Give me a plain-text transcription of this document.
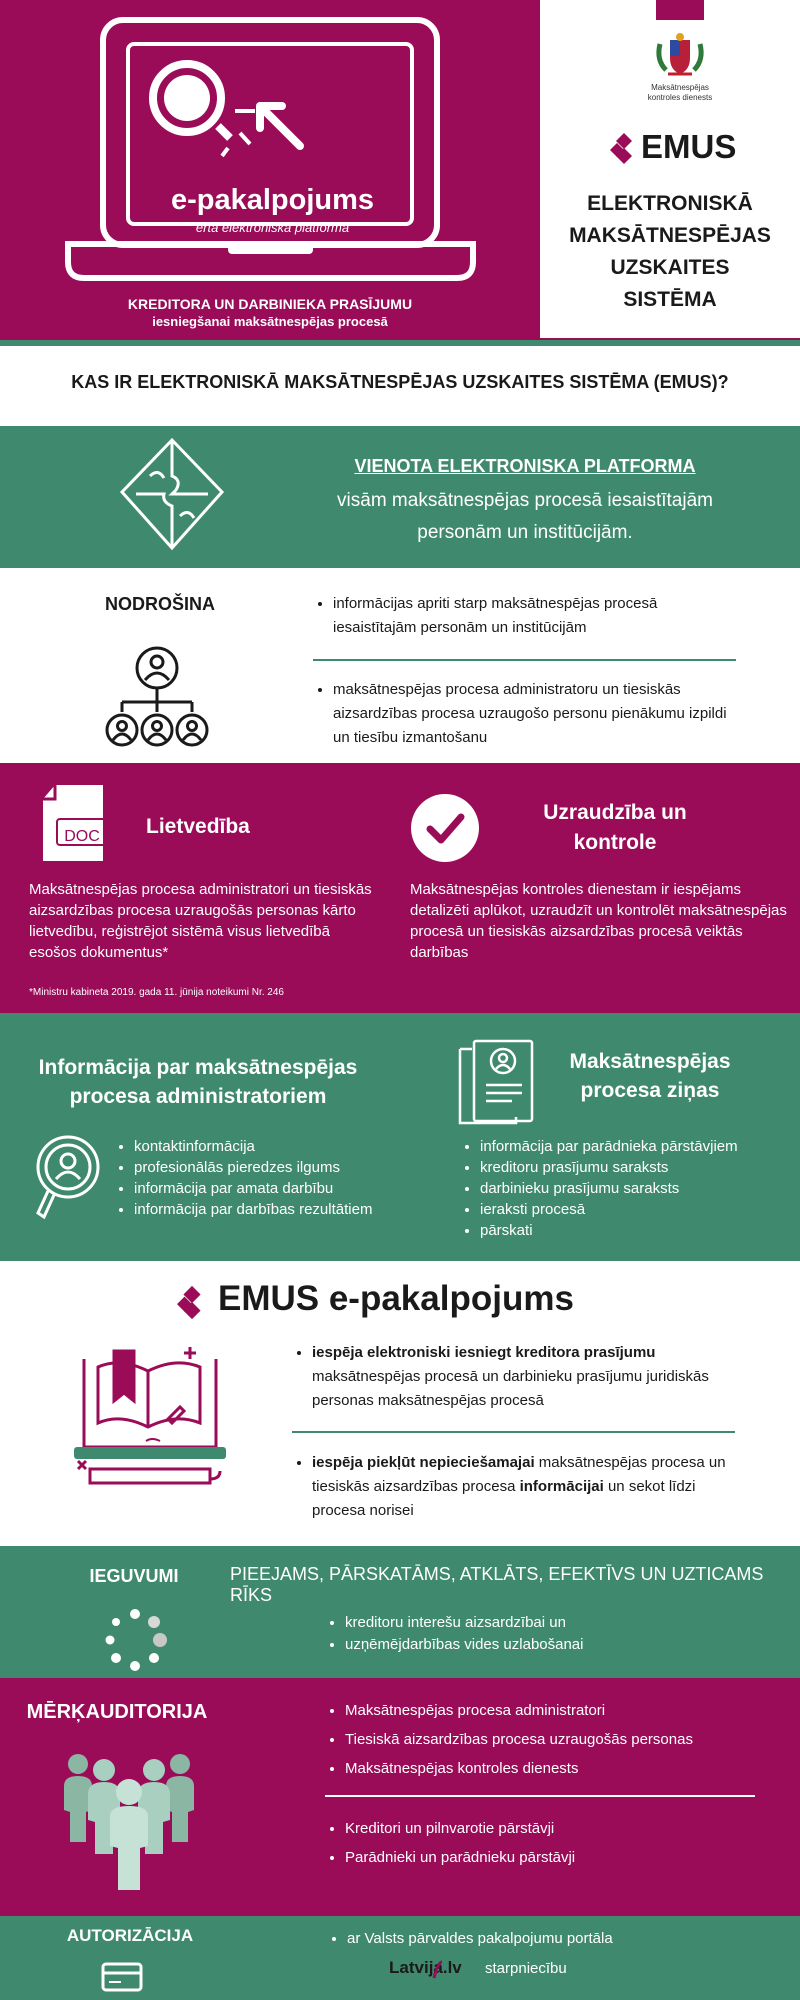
e-pakalpojums
ērta elektroniska platforma
KREDITORA UN DARBINIEKA PRASĪJUMU
iesniegšanai maksātnespējas procesā
Maksātnespējas
kontroles dienests
EMUS
ELEKTRONISKĀ
MAKSĀTNESPĒJAS
UZSKAITES
SISTĒMA
KAS IR ELEKTRONISKĀ MAKSĀTNESPĒJAS UZSKAITES SISTĒMA (EMUS)?
VIENOTA ELEKTRONISKA PLATFORMA
visām maksātnespējas procesā iesaistītajām
personām un institūcijām.
NODROŠINA	• informācijas apriti starp maksātnespējas procesā iesaistītajām personām un institūcijām
• maksātnespējas procesa administratoru un tiesiskās aizsardzības procesa uzraugošo personu pienākumu izpildi un tiesību izmantošanu
DOC	Lietvedība
Maksātnespējas procesa administratori un tiesiskās aizsardzības procesa uzraugošās personas kārto lietvedību, reģistrējot sistēmā visus lietvedībā esošos dokumentus*
*Ministru kabineta 2019. gada 11. jūnija noteikumi Nr. 246
Uzraudzība un
kontrole
Maksātnespējas kontroles dienestam ir iespējams detalizēti aplūkot, uzraudzīt un kontrolēt maksātnespējas procesā un tiesiskās aizsardzības procesā veiktās darbības
Informācija par maksātnespējas
procesa administratoriem
• kontaktinformācija
• profesionālās pieredzes ilgums
• informācija par amata darbību
• informācija par darbības rezultātiem
Maksātnespējas
procesa ziņas
• informācija par parādnieka pārstāvjiem
• kreditoru prasījumu saraksts
• darbinieku prasījumu saraksts
• ieraksti procesā
• pārskati
EMUS e-pakalpojums
• iespēja elektroniski iesniegt kreditora prasījumu maksātnespējas procesā un darbinieku prasījumu juridiskās personas maksātnespējas procesā
• iespēja piekļūt nepieciešamajai maksātnespējas procesa un tiesiskās aizsardzības procesa informācijai un sekot līdzi procesa norisei
IEGUVUMI	PIEEJAMS, PĀRSKATĀMS, ATKLĀTS, EFEKTĪVS UN UZTICAMS RĪKS
• kreditoru interešu aizsardzībai un
• uzņēmējdarbības vides uzlabošanai
MĒRĶAUDITORIJA	• Maksātnespējas procesa administratori
• Tiesiskā aizsardzības procesa uzraugošās personas
• Maksātnespējas kontroles dienests
• Kreditori un pilnvarotie pārstāvji
• Parādnieki un parādnieku pārstāvji
AUTORIZĀCIJA	• ar Valsts pārvaldes pakalpojumu portāla
Latvija.lv starpniecību
